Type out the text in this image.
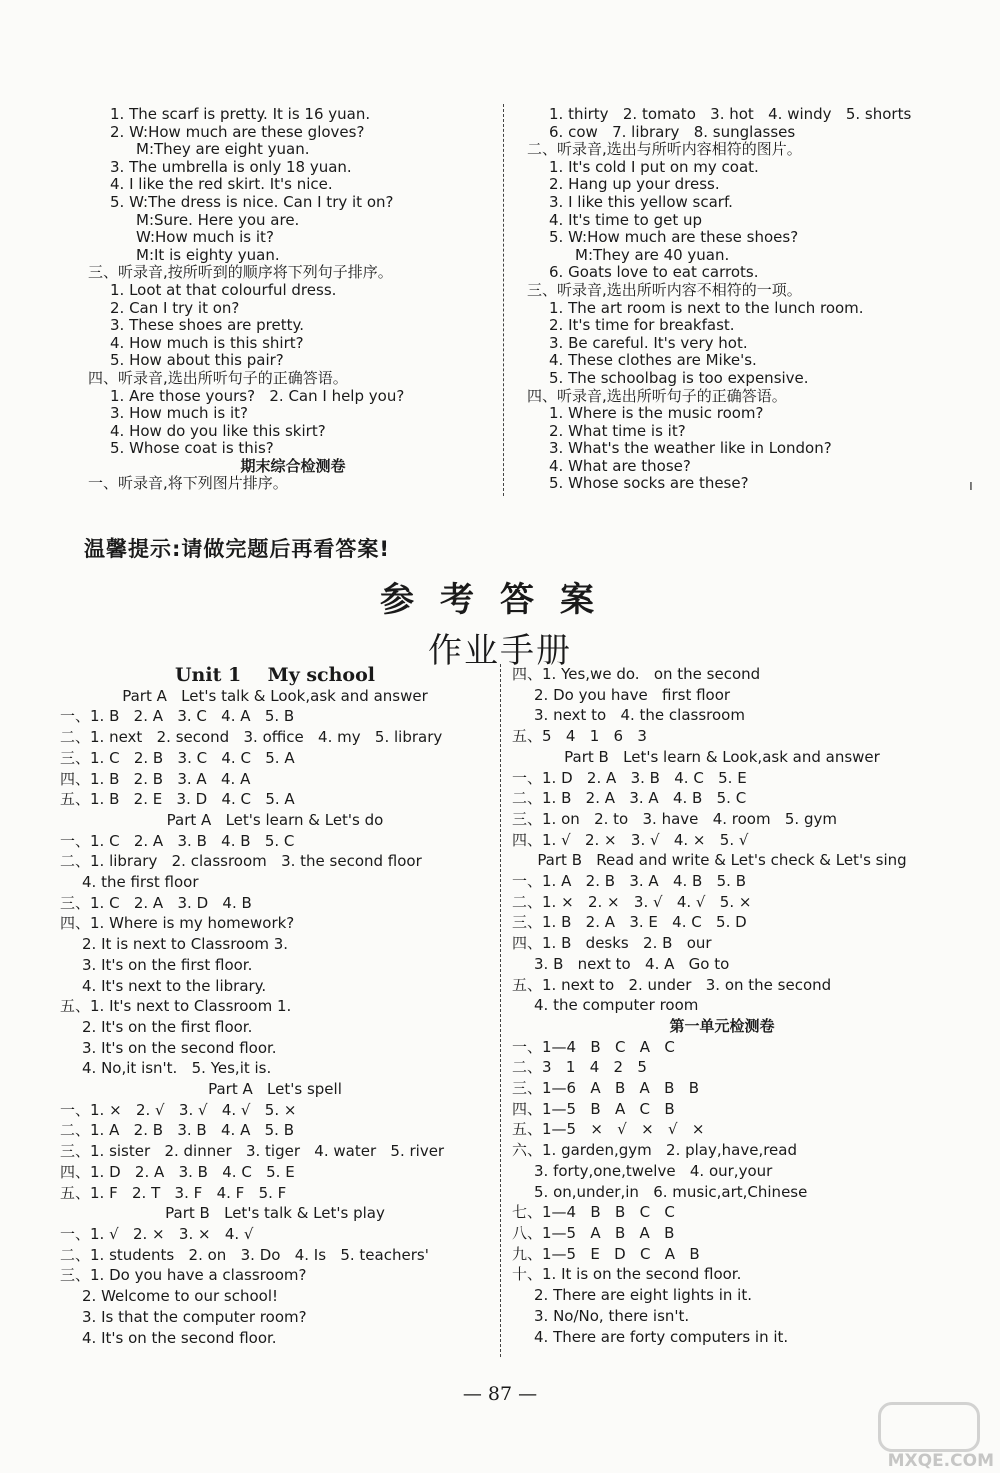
1. The scarf is pretty. It is 16 yuan.
2. W:How much are these gloves?
M:They are eight yuan.
3. The umbrella is only 18 yuan.
4. I like the red skirt. It's nice.
5. W:The dress is nice. Can I try it on?
M:Sure. Here you are.
W:How much is it?
M:It is eighty yuan.
三、听录音,按所听到的顺序将下列句子排序。
1. Loot at that colourful dress.
2. Can I try it on?
3. These shoes are pretty.
4. How much is this shirt?
5. How about this pair?
四、听录音,选出所听句子的正确答语。
1. Are those yours?   2. Can I help you?
3. How much is it?
4. How do you like this skirt?
5. Whose coat is this?
期末综合检测卷
一、听录音,将下列图片排序。
1. thirty   2. tomato   3. hot   4. windy   5. shorts
6. cow   7. library   8. sunglasses
二、听录音,选出与所听内容相符的图片。
1. It's cold I put on my coat.
2. Hang up your dress.
3. I like this yellow scarf.
4. It's time to get up
5. W:How much are these shoes?
M:They are 40 yuan.
6. Goats love to eat carrots.
三、听录音,选出所听内容不相符的一项。
1. The art room is next to the lunch room.
2. It's time for breakfast.
3. Be careful. It's very hot.
4. These clothes are Mike's.
5. The schoolbag is too expensive.
四、听录音,选出所听句子的正确答语。
1. Where is the music room?
2. What time is it?
3. What's the weather like in London?
4. What are those?
5. Whose socks are these?
温馨提示:请做完题后再看答案!
参考答案
作业手册
Unit 1    My school
Part A   Let's talk & Look,ask and answer
一、1. B   2. A   3. C   4. A   5. B
二、1. next   2. second   3. office   4. my   5. library
三、1. C   2. B   3. C   4. C   5. A
四、1. B   2. B   3. A   4. A
五、1. B   2. E   3. D   4. C   5. A
Part A   Let's learn & Let's do
一、1. C   2. A   3. B   4. B   5. C
二、1. library   2. classroom   3. the second floor
4. the first floor
三、1. C   2. A   3. D   4. B
四、1. Where is my homework?
2. It is next to Classroom 3.
3. It's on the first floor.
4. It's next to the library.
五、1. It's next to Classroom 1.
2. It's on the first floor.
3. It's on the second floor.
4. No,it isn't.   5. Yes,it is.
Part A   Let's spell
一、1. ×   2. √   3. √   4. √   5. ×
二、1. A   2. B   3. B   4. A   5. B
三、1. sister   2. dinner   3. tiger   4. water   5. river
四、1. D   2. A   3. B   4. C   5. E
五、1. F   2. T   3. F   4. F   5. F
Part B   Let's talk & Let's play
一、1. √   2. ×   3. ×   4. √
二、1. students   2. on   3. Do   4. Is   5. teachers'
三、1. Do you have a classroom?
2. Welcome to our school!
3. Is that the computer room?
4. It's on the second floor.
四、1. Yes,we do.   on the second
2. Do you have   first floor
3. next to   4. the classroom
五、5   4   1   6   3
Part B   Let's learn & Look,ask and answer
一、1. D   2. A   3. B   4. C   5. E
二、1. B   2. A   3. A   4. B   5. C
三、1. on   2. to   3. have   4. room   5. gym
四、1. √   2. ×   3. √   4. ×   5. √
Part B   Read and write & Let's check & Let's sing
一、1. A   2. B   3. A   4. B   5. B
二、1. ×   2. ×   3. √   4. √   5. ×
三、1. B   2. A   3. E   4. C   5. D
四、1. B   desks   2. B   our
3. B   next to   4. A   Go to
五、1. next to   2. under   3. on the second
4. the computer room
第一单元检测卷
一、1—4   B   C   A   C
二、3   1   4   2   5
三、1—6   A   B   A   B   B
四、1—5   B   A   C   B
五、1—5   ×   √   ×   √   ×
六、1. garden,gym   2. play,have,read
3. forty,one,twelve   4. our,your
5. on,under,in   6. music,art,Chinese
七、1—4   B   B   C   C
八、1—5   A   B   A   B
九、1—5   E   D   C   A   B
十、1. It is on the second floor.
2. There are eight lights in it.
3. No/No, there isn't.
4. There are forty computers in it.
— 87 —
ı
MXQE.COM
